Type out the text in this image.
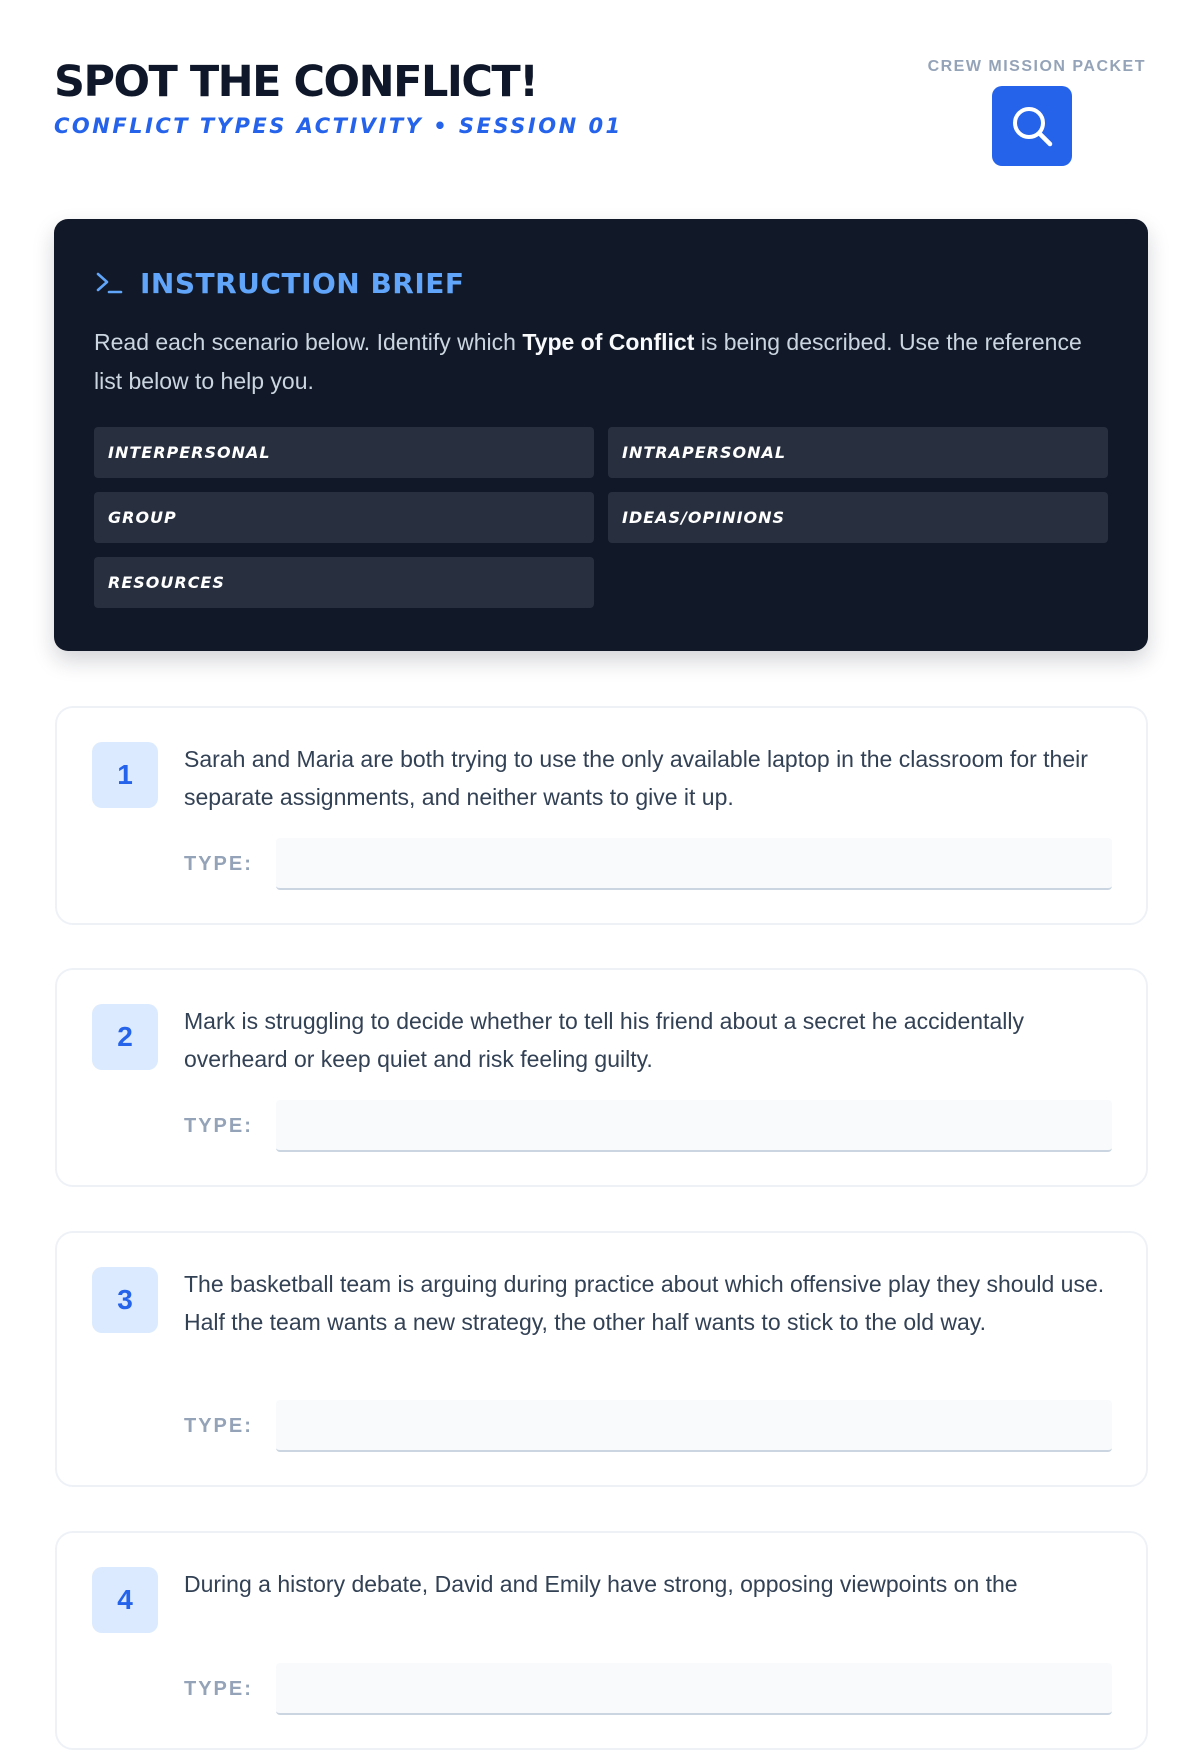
SPOT THE CONFLICT!
CONFLICT TYPES ACTIVITY • SESSION 01
CREW MISSION PACKET
INSTRUCTION BRIEF
Read each scenario below. Identify which Type of Conflict is being described. Use the reference list below to help you.
INTERPERSONAL	INTRAPERSONAL
GROUP	IDEAS/OPINIONS
RESOURCES
1	Sarah and Maria are both trying to use the only available laptop in the classroom for their separate assignments, and neither wants to give it up.
TYPE:
2	Mark is struggling to decide whether to tell his friend about a secret he accidentally overheard or keep quiet and risk feeling guilty.
TYPE:
3	The basketball team is arguing during practice about which offensive play they should use. Half the team wants a new strategy, the other half wants to stick to the old way.
TYPE:
4	During a history debate, David and Emily have strong, opposing viewpoints on the
TYPE:
